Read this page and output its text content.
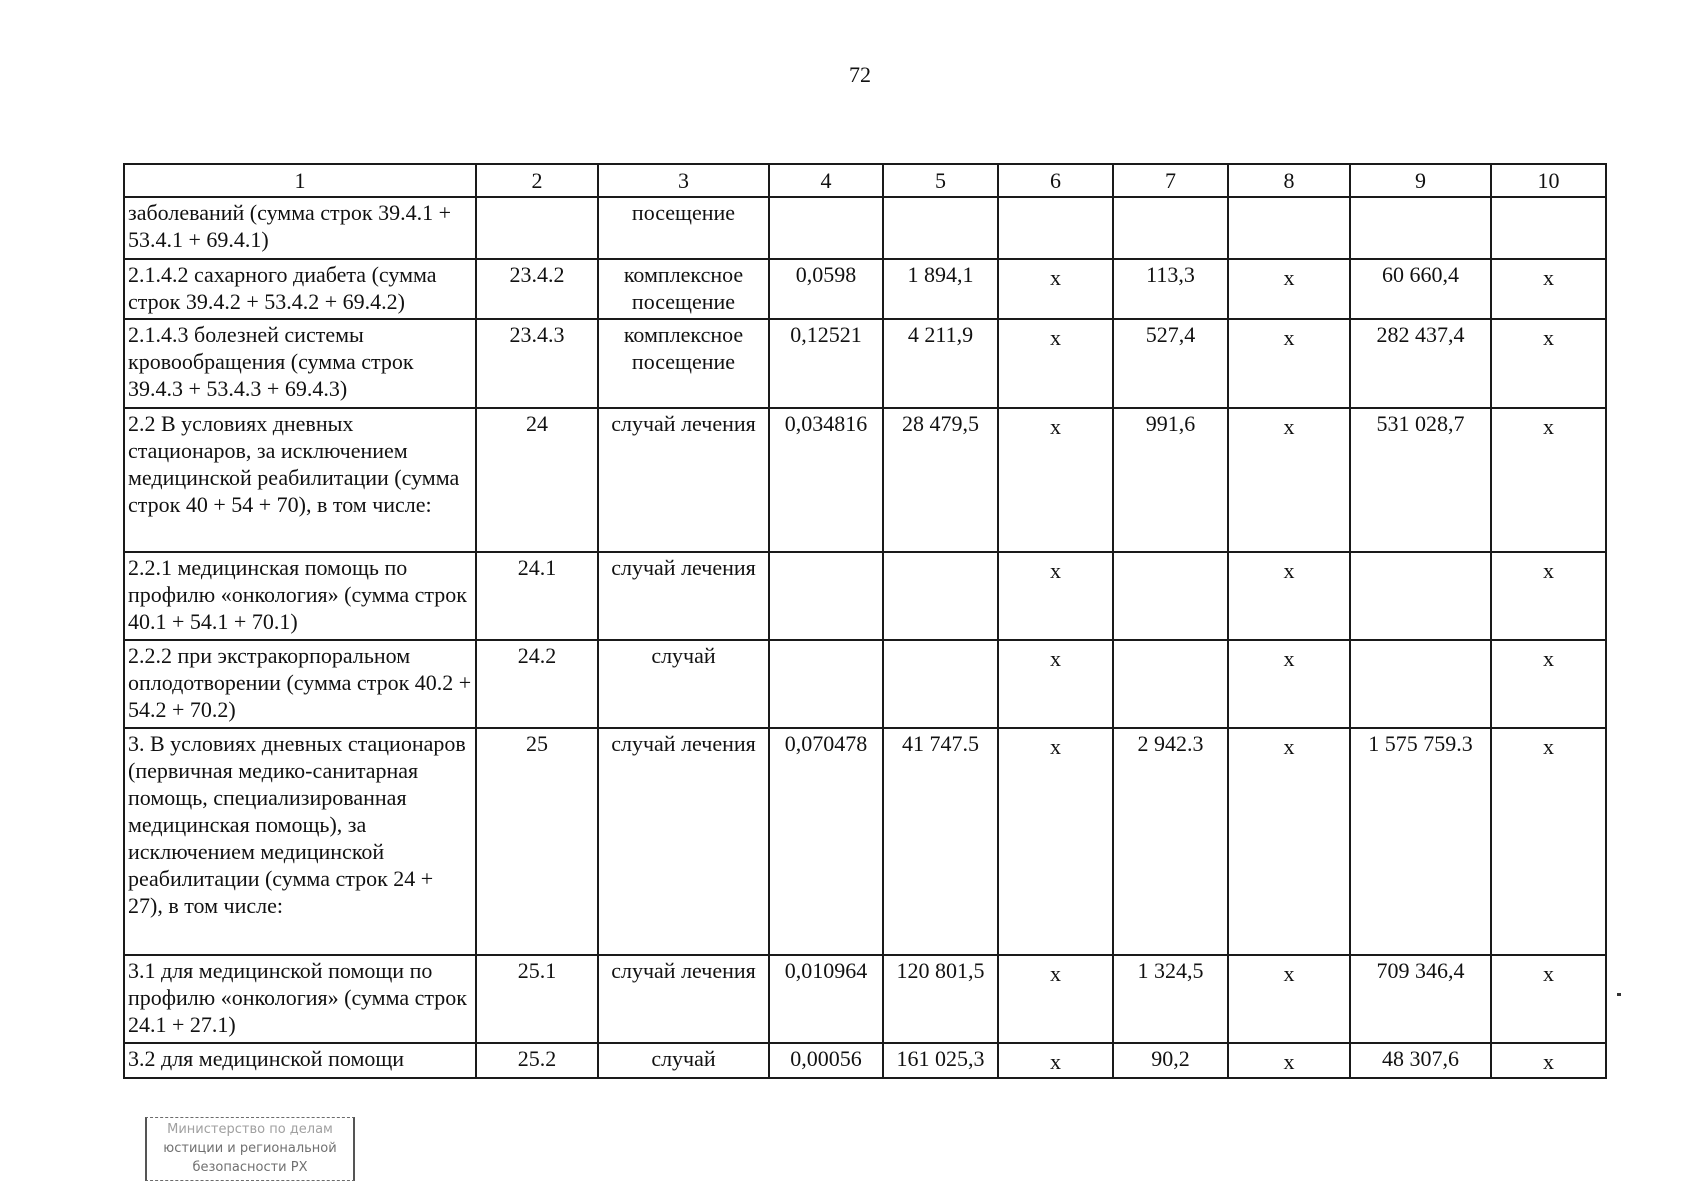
72
1	2	3	4	5	6	7	8	9	10
заболеваний (сумма строк 39.4.1 + 53.4.1 + 69.4.1)		посещение							
2.1.4.2 сахарного диабета (сумма строк 39.4.2 + 53.4.2 + 69.4.2)	23.4.2	комплексное посещение	0,0598	1 894,1	x	113,3	x	60 660,4	x
2.1.4.3 болезней системы кровообращения (сумма строк 39.4.3 + 53.4.3 + 69.4.3)	23.4.3	комплексное посещение	0,12521	4 211,9	x	527,4	x	282 437,4	x
2.2 В условиях дневных стационаров, за исключением медицинской реабилитации (сумма строк 40 + 54 + 70), в том числе:	24	случай лечения	0,034816	28 479,5	x	991,6	x	531 028,7	x
2.2.1 медицинская помощь по профилю «онкология» (сумма строк 40.1 + 54.1 + 70.1)	24.1	случай лечения			x		x		x
2.2.2 при экстракорпоральном оплодотворении (сумма строк 40.2 + 54.2 + 70.2)	24.2	случай			x		x		x
3. В условиях дневных стационаров (первичная медико-санитарная помощь, специализированная медицинская помощь), за исключением медицинской реабилитации (сумма строк 24 + 27), в том числе:	25	случай лечения	0,070478	41 747.5	x	2 942.3	x	1 575 759.3	x
3.1 для медицинской помощи по профилю «онкология» (сумма строк 24.1 + 27.1)	25.1	случай лечения	0,010964	120 801,5	x	1 324,5	x	709 346,4	x
3.2 для медицинской помощи	25.2	случай	0,00056	161 025,3	x	90,2	x	48 307,6	x
Министерство по делам
юстиции и региональной
безопасности РХ
